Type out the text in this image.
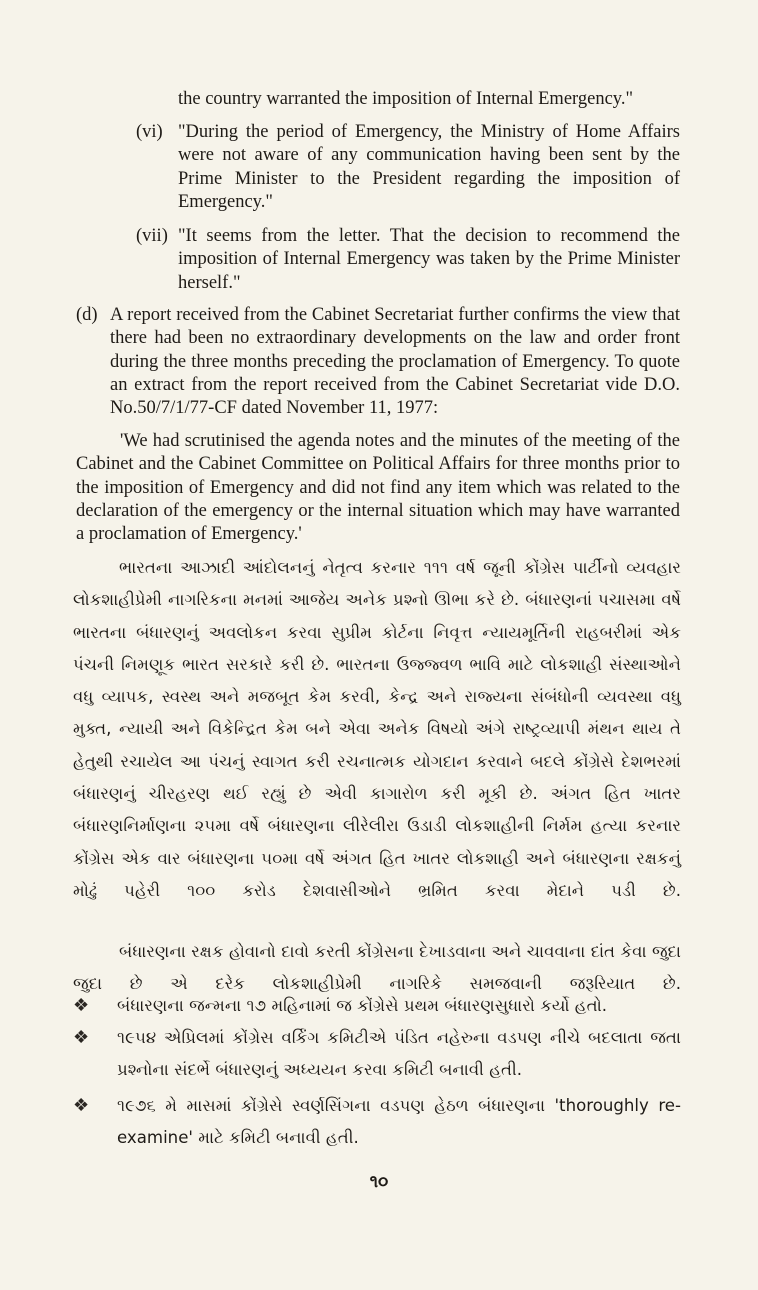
the country warranted the imposition of Internal Emergency."
(vi) "During the period of Emergency, the Ministry of Home Affairs were not aware of any communication having been sent by the Prime Minister to the President regarding the imposition of Emergency."
(vii) "It seems from the letter. That the decision to recommend the imposition of Internal Emergency was taken by the Prime Minister herself."
(d) A report received from the Cabinet Secretariat further confirms the view that there had been no extraordinary developments on the law and order front during the three months preceding the proclamation of Emergency. To quote an extract from the report received from the Cabinet Secretariat vide D.O. No.50/7/1/77-CF dated November 11, 1977:
'We had scrutinised the agenda notes and the minutes of the meeting of the Cabinet and the Cabinet Committee on Political Affairs for three months prior to the imposition of Emergency and did not find any item which was related to the declaration of the emergency or the internal situation which may have warranted a proclamation of Emergency.'
ભારતના આઝાદી આંદોલનનું નેતૃત્વ કરનાર ૧૧૧ વર્ષ જૂની કોંગ્રેસ પાર્ટીનો વ્યવહાર લોકશાહીપ્રેમી નાગરિકના મનમાં આજેય અનેક પ્રશ્નો ઊભા કરે છે. બંધારણનાં પચાસમા વર્ષે ભારતના બંધારણનું અવલોકન કરવા સુપ્રીમ કોર્ટના નિવૃત્ત ન્યાયમૂર્તિની રાહબરીમાં એક પંચની નિમણૂક ભારત સરકારે કરી છે. ભારતના ઉજ્જ્વળ ભાવિ માટે લોકશાહી સંસ્થાઓને વધુ વ્યાપક, સ્વસ્થ અને મજબૂત કેમ કરવી, કેન્દ્ર અને રાજ્યના સંબંધોની વ્યવસ્થા વધુ મુક્ત, ન્યાયી અને વિકેન્દ્રિત કેમ બને એવા અનેક વિષયો અંગે રાષ્ટ્રવ્યાપી મંથન થાય તે હેતુથી રચાયેલ આ પંચનું સ્વાગત કરી રચનાત્મક યોગદાન કરવાને બદલે કોંગ્રેસે દેશભરમાં બંધારણનું ચીરહરણ થઈ રહ્યું છે એવી કાગારોળ કરી મૂકી છે. અંગત હિત ખાતર બંધારણનિર્માણના ૨૫મા વર્ષે બંધારણના લીરેલીરા ઉડાડી લોકશાહીની નિર્મમ હત્યા કરનાર કોંગ્રેસ એક વાર બંધારણના ૫૦મા વર્ષે અંગત હિત ખાતર લોકશાહી અને બંધારણના રક્ષકનું મોઢું પહેરી ૧૦૦ કરોડ દેશવાસીઓને ભ્રમિત કરવા મેદાને પડી છે.
બંધારણના રક્ષક હોવાનો દાવો કરતી કોંગ્રેસના દેખાડવાના અને ચાવવાના દાંત કેવા જુદા જુદા છે એ દરેક લોકશાહીપ્રેમી નાગરિકે સમજવાની જરૂરિયાત છે.
❖	બંધારણના જન્મના ૧૭ મહિનામાં જ કોંગ્રેસે પ્રથમ બંધારણસુધારો કર્યો હતો.
❖	૧૯૫૪ એપ્રિલમાં કોંગ્રેસ વર્કિંગ કમિટીએ પંડિત નહેરુના વડપણ નીચે બદલાતા જતા પ્રશ્નોના સંદર્ભે બંધારણનું અધ્યયન કરવા કમિટી બનાવી હતી.
❖	૧૯૭૬ મે માસમાં કોંગ્રેસે સ્વર્ણસિંગના વડપણ હેઠળ બંધારણના 'thoroughly re-examine' માટે કમિટી બનાવી હતી.
૧૦
